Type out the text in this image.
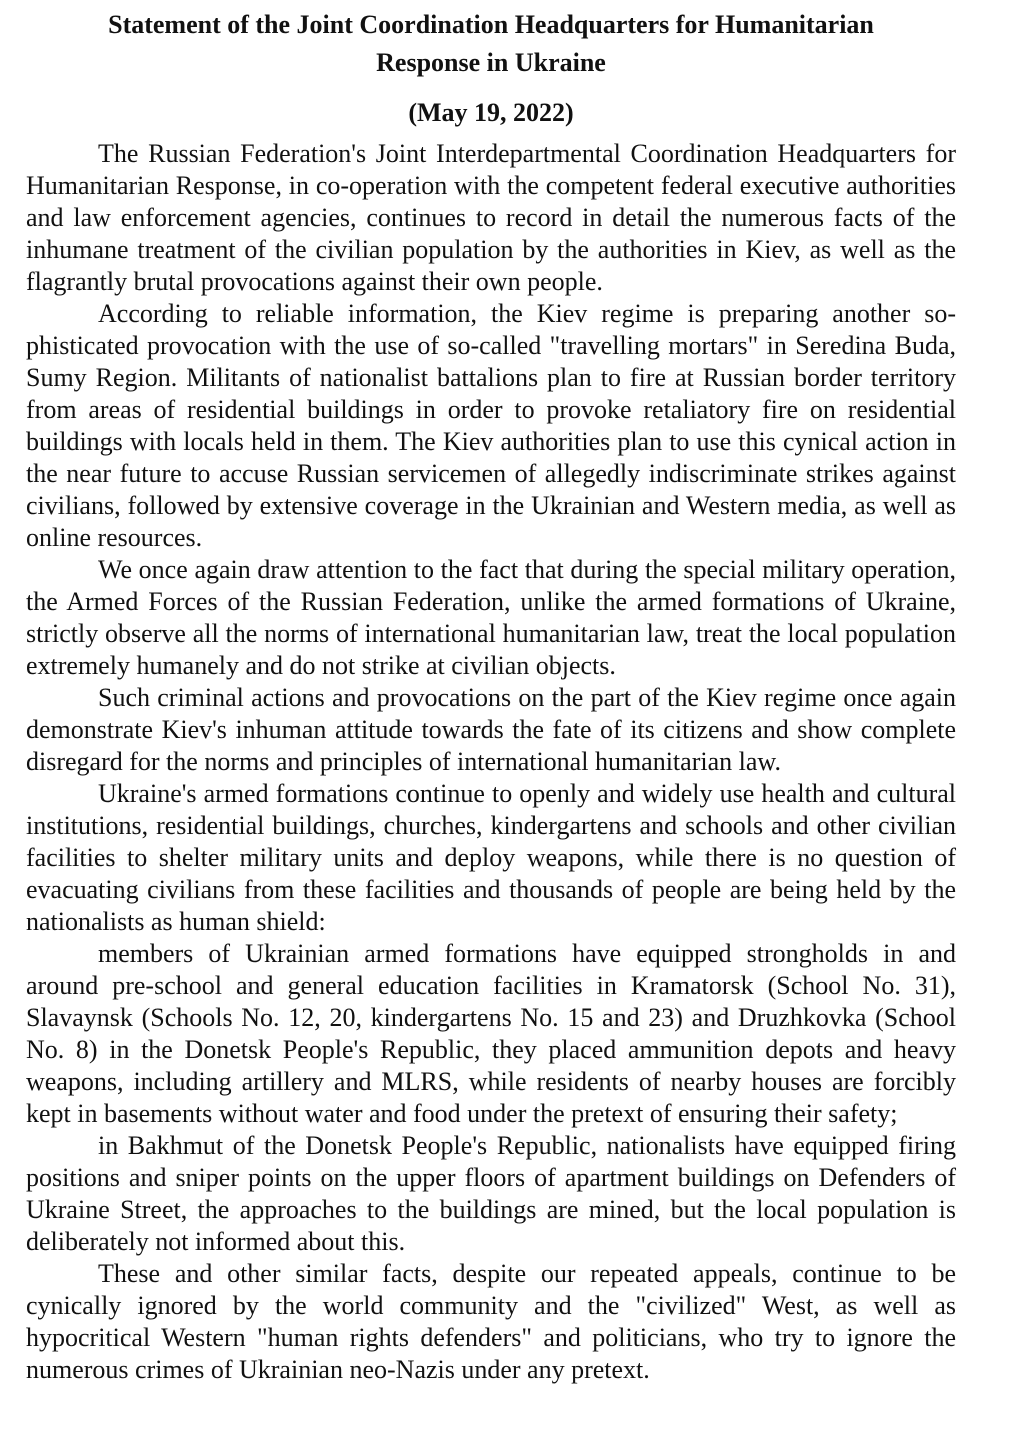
Statement of the Joint Coordination Headquarters for Humanitarian Response in Ukraine
(May 19, 2022)

The Russian Federation's Joint Interdepartmental Coordination Headquarters for Humanitarian Response, in co-operation with the competent federal executive authorities and law enforcement agencies, continues to record in detail the numerous facts of the inhumane treatment of the civilian population by the authorities in Kiev, as well as the flagrantly brutal provocations against their own people.

According to reliable information, the Kiev regime is preparing another sophisticated provocation with the use of so-called "travelling mortars" in Seredina Buda, Sumy Region. Militants of nationalist battalions plan to fire at Russian border territory from areas of residential buildings in order to provoke retaliatory fire on residential buildings with locals held in them. The Kiev authorities plan to use this cynical action in the near future to accuse Russian servicemen of allegedly indiscriminate strikes against civilians, followed by extensive coverage in the Ukrainian and Western media, as well as online resources.

We once again draw attention to the fact that during the special military operation, the Armed Forces of the Russian Federation, unlike the armed formations of Ukraine, strictly observe all the norms of international humanitarian law, treat the local population extremely humanely and do not strike at civilian objects.

Such criminal actions and provocations on the part of the Kiev regime once again demonstrate Kiev's inhuman attitude towards the fate of its citizens and show complete disregard for the norms and principles of international humanitarian law.

Ukraine's armed formations continue to openly and widely use health and cultural institutions, residential buildings, churches, kindergartens and schools and other civilian facilities to shelter military units and deploy weapons, while there is no question of evacuating civilians from these facilities and thousands of people are being held by the nationalists as human shield:

members of Ukrainian armed formations have equipped strongholds in and around pre-school and general education facilities in Kramatorsk (School No. 31), Slavaynsk (Schools No. 12, 20, kindergartens No. 15 and 23) and Druzhkovka (School No. 8) in the Donetsk People's Republic, they placed ammunition depots and heavy weapons, including artillery and MLRS, while residents of nearby houses are forcibly kept in basements without water and food under the pretext of ensuring their safety;

in Bakhmut of the Donetsk People's Republic, nationalists have equipped firing positions and sniper points on the upper floors of apartment buildings on Defenders of Ukraine Street, the approaches to the buildings are mined, but the local population is deliberately not informed about this.

These and other similar facts, despite our repeated appeals, continue to be cynically ignored by the world community and the "civilized" West, as well as hypocritical Western "human rights defenders" and politicians, who try to ignore the numerous crimes of Ukrainian neo-Nazis under any pretext.
